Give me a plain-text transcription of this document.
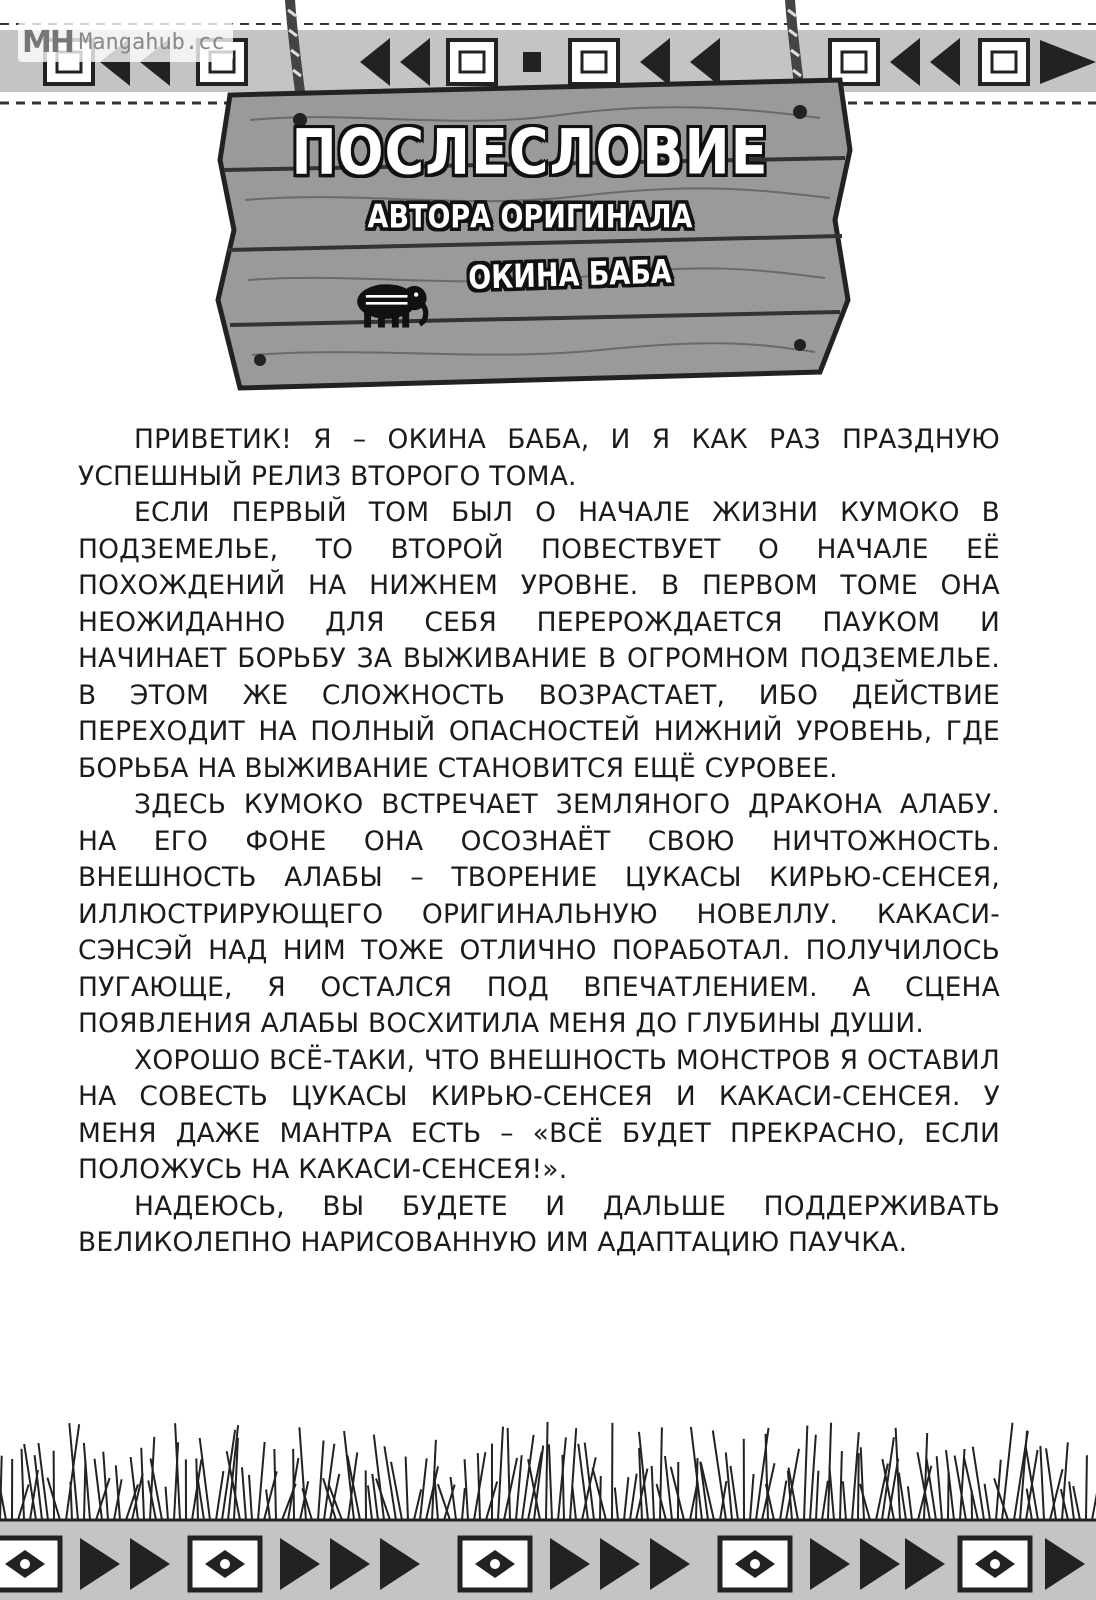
MH Mangahub.cc
ПОСЛЕСЛОВИЕ
АВТОРА ОРИГИНАЛА
ОКИНА БАБА

ПРИВЕТИК! Я – ОКИНА БАБА, И Я КАК РАЗ ПРАЗДНУЮ УСПЕШНЫЙ РЕЛИЗ ВТОРОГО ТОМА.

ЕСЛИ ПЕРВЫЙ ТОМ БЫЛ О НАЧАЛЕ ЖИЗНИ КУМОКО В ПОДЗЕМЕЛЬЕ, ТО ВТОРОЙ ПОВЕСТВУЕТ О НАЧАЛЕ ЕЁ ПОХОЖДЕНИЙ НА НИЖНЕМ УРОВНЕ. В ПЕРВОМ ТОМЕ ОНА НЕОЖИДАННО ДЛЯ СЕБЯ ПЕРЕРОЖДАЕТСЯ ПАУКОМ И НАЧИНАЕТ БОРЬБУ ЗА ВЫЖИВАНИЕ В ОГРОМНОМ ПОДЗЕМЕЛЬЕ. В ЭТОМ ЖЕ СЛОЖНОСТЬ ВОЗРАСТАЕТ, ИБО ДЕЙСТВИЕ ПЕРЕХОДИТ НА ПОЛНЫЙ ОПАСНОСТЕЙ НИЖНИЙ УРОВЕНЬ, ГДЕ БОРЬБА НА ВЫЖИВАНИЕ СТАНОВИТСЯ ЕЩЁ СУРОВЕЕ.

ЗДЕСЬ КУМОКО ВСТРЕЧАЕТ ЗЕМЛЯНОГО ДРАКОНА АЛАБУ. НА ЕГО ФОНЕ ОНА ОСОЗНАЁТ СВОЮ НИЧТОЖНОСТЬ. ВНЕШНОСТЬ АЛАБЫ – ТВОРЕНИЕ ЦУКАСЫ КИРЬЮ-СЕНСЕЯ, ИЛЛЮСТРИРУЮЩЕГО ОРИГИНАЛЬНУЮ НОВЕЛЛУ. КАКАСИ-СЭНСЭЙ НАД НИМ ТОЖЕ ОТЛИЧНО ПОРАБОТАЛ. ПОЛУЧИЛОСЬ ПУГАЮЩЕ, Я ОСТАЛСЯ ПОД ВПЕЧАТЛЕНИЕМ. А СЦЕНА ПОЯВЛЕНИЯ АЛАБЫ ВОСХИТИЛА МЕНЯ ДО ГЛУБИНЫ ДУШИ.

ХОРОШО ВСЁ-ТАКИ, ЧТО ВНЕШНОСТЬ МОНСТРОВ Я ОСТАВИЛ НА СОВЕСТЬ ЦУКАСЫ КИРЬЮ-СЕНСЕЯ И КАКАСИ-СЕНСЕЯ. У МЕНЯ ДАЖЕ МАНТРА ЕСТЬ – «ВСЁ БУДЕТ ПРЕКРАСНО, ЕСЛИ ПОЛОЖУСЬ НА КАКАСИ-СЕНСЕЯ!».

НАДЕЮСЬ, ВЫ БУДЕТЕ И ДАЛЬШЕ ПОДДЕРЖИВАТЬ ВЕЛИКОЛЕПНО НАРИСОВАННУЮ ИМ АДАПТАЦИЮ ПАУЧКА.
